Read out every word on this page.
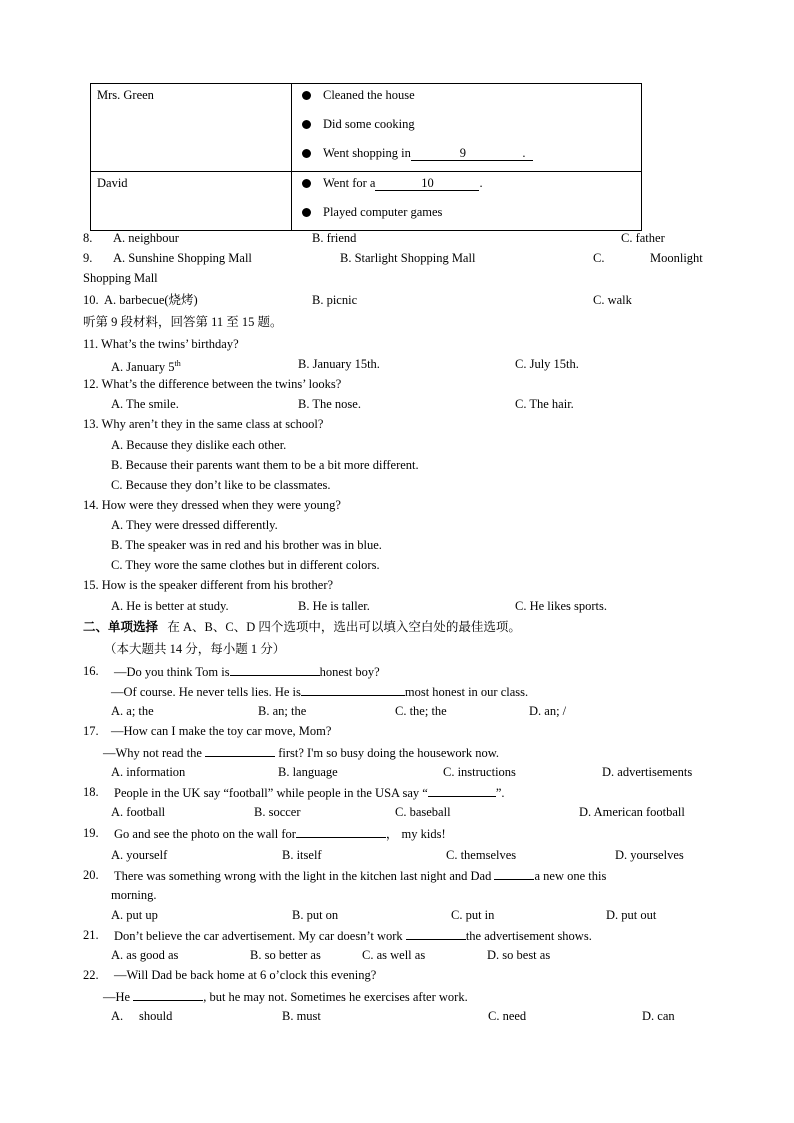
Mrs. Green	Cleaned the house
Did some cooking
Went shopping in 9 .

David	Went for a 10 .
Played computer games
8. A. neighbour	B. friend	C. father
9. A. Sunshine Shopping Mall	B. Starlight Shopping Mall	C.	Moonlight
Shopping Mall
10. A. barbecue(烧烤)	B. picnic	C. walk
听第 9 段材料，回答第 11 至 15 题。
11. What’s the twins’ birthday?
A. January 5th	B. January 15th.	C. July 15th.
12. What’s the difference between the twins’ looks?
A. The smile.	B. The nose.	C. The hair.
13. Why aren’t they in the same class at school?
A. Because they dislike each other.
B. Because their parents want them to be a bit more different.
C. Because they don’t like to be classmates.
14. How were they dressed when they were young?
A. They were dressed differently.
B. The speaker was in red and his brother was in blue.
C. They wore the same clothes but in different colors.
15. How is the speaker different from his brother?
A. He is better at study.	B. He is taller.	C. He likes sports.
二、单项选择 在 A、B、C、D 四个选项中，选出可以填入空白处的最佳选项。
（本大题共 14 分，每小题 1 分）
16. —Do you think Tom is	honest boy?
—Of course. He never tells lies. He is	most honest in our class.
A. a; the	B. an; the	C. the; the	D. an; /
17. —How can I make the toy car move, Mom?
—Why not read the	first? I'm so busy doing the housework now.
A. information	B. language	C. instructions	D. advertisements
18. People in the UK say “football” while people in the USA say “	”.
A. football	B. soccer	C. baseball	D. American football
19. Go and see the photo on the wall for	， my kids!
A. yourself	B. itself	C. themselves	D. yourselves
20. There was something wrong with the light in the kitchen last night and Dad	a new one this
morning.
A. put up	B. put on	C. put in	D. put out
21. Don’t believe the car advertisement. My car doesn’t work	the advertisement shows.
A. as good as	B. so better as	C. as well as	D. so best as
22. —Will Dad be back home at 6 o’clock this evening?
—He	, but he may not. Sometimes he exercises after work.
A. should	B. must	C. need	D. can
